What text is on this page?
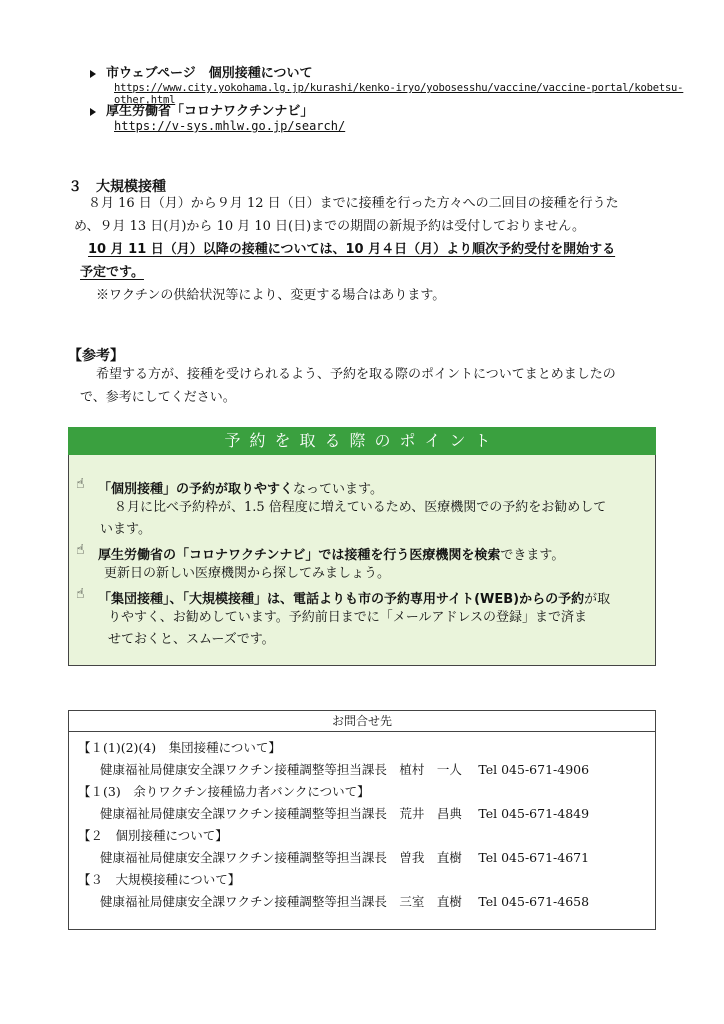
市ウェブページ　個別接種について
https://www.city.yokohama.lg.jp/kurashi/kenko-iryo/yobosesshu/vaccine/vaccine-portal/kobetsu-other.html
厚生労働省「コロナワクチンナビ」
https://v-sys.mhlw.go.jp/search/
３　大規模接種
８月 16 日（月）から９月 12 日（日）までに接種を行った方々への二回目の接種を行うた
め、９月 13 日(月)から 10 月 10 日(日)までの期間の新規予約は受付しておりません。
10 月 11 日（月）以降の接種については、10 月４日（月）より順次予約受付を開始する
予定です。
※ワクチンの供給状況等により、変更する場合はあります。
【参考】
希望する方が、接種を受けられるよう、予約を取る際のポイントについてまとめましたの
で、参考にしてください。
予約を取る際のポイント
☝ 「個別接種」の予約が取りやすくなっています。
８月に比べ予約枠が、1.5 倍程度に増えているため、医療機関での予約をお勧めして
います。
☝ 厚生労働省の「コロナワクチンナビ」では接種を行う医療機関を検索できます。
更新日の新しい医療機関から探してみましょう。
☝ 「集団接種」、「大規模接種」は、電話よりも市の予約専用サイト(WEB)からの予約が取
りやすく、お勧めしています。予約前日までに「メールアドレスの登録」まで済ま
せておくと、スムーズです。
お問合せ先
【１(1)(2)(4)　集団接種について】
健康福祉局健康安全課ワクチン接種調整等担当課長　植村　一人　 Tel 045-671-4906
【１(3)　余りワクチン接種協力者バンクについて】
健康福祉局健康安全課ワクチン接種調整等担当課長　荒井　昌典　 Tel 045-671-4849
【２　個別接種について】
健康福祉局健康安全課ワクチン接種調整等担当課長　曽我　直樹　 Tel 045-671-4671
【３　大規模接種について】
健康福祉局健康安全課ワクチン接種調整等担当課長　三室　直樹　 Tel 045-671-4658
